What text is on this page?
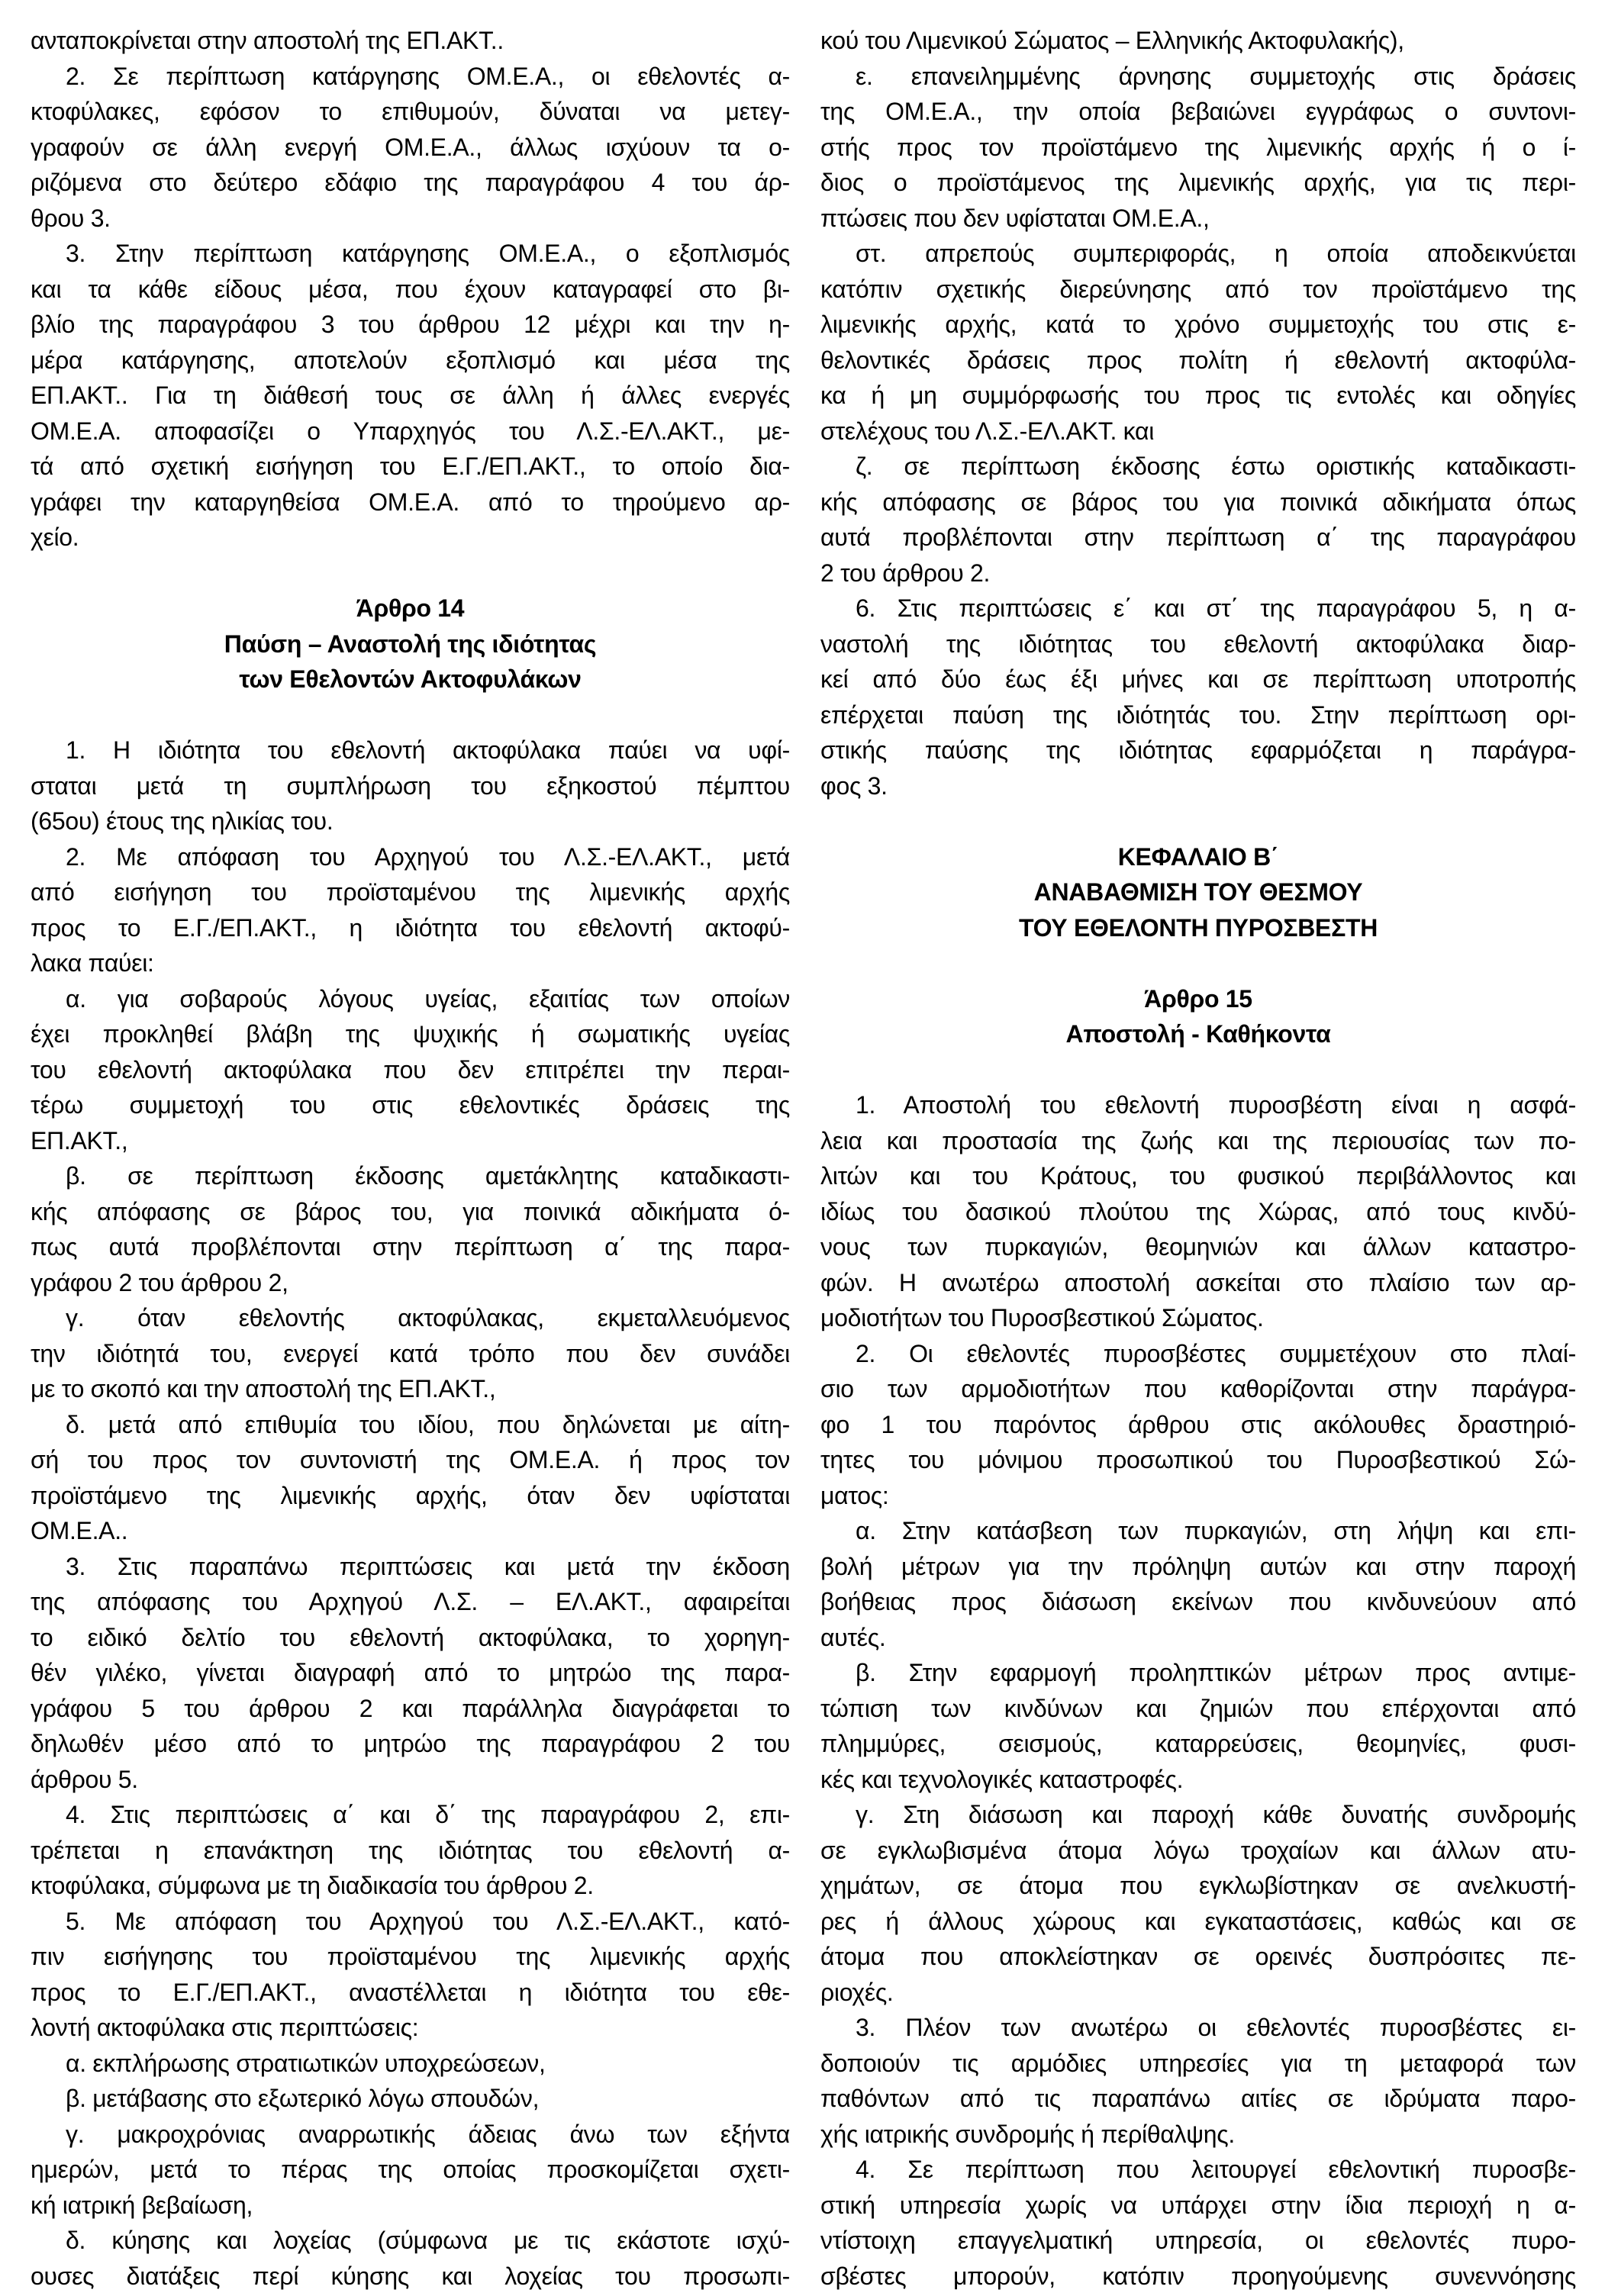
ανταποκρίνεται στην αποστολή της ΕΠ.ΑΚΤ..
2. Σε περίπτωση κατάργησης ΟΜ.Ε.Α., οι εθελοντές α-
κτοφύλακες, εφόσον το επιθυμούν, δύναται να μετεγ-
γραφούν σε άλλη ενεργή ΟΜ.Ε.Α., άλλως ισχύουν τα ο-
ριζόμενα στο δεύτερο εδάφιο της παραγράφου 4 του άρ-
θρου 3.
3. Στην περίπτωση κατάργησης ΟΜ.Ε.Α., ο εξοπλισμός
και τα κάθε είδους μέσα, που έχουν καταγραφεί στο βι-
βλίο της παραγράφου 3 του άρθρου 12 μέχρι και την η-
μέρα κατάργησης, αποτελούν εξοπλισμό και μέσα της
ΕΠ.ΑΚΤ.. Για τη διάθεσή τους σε άλλη ή άλλες ενεργές
ΟΜ.Ε.Α. αποφασίζει ο Υπαρχηγός του Λ.Σ.-ΕΛ.ΑΚΤ., με-
τά από σχετική εισήγηση του Ε.Γ./ΕΠ.ΑΚΤ., το οποίο δια-
γράφει την καταργηθείσα ΟΜ.Ε.Α. από το τηρούμενο αρ-
χείο.
Άρθρο 14
Παύση – Αναστολή της ιδιότητας
των Εθελοντών Ακτοφυλάκων
1. Η ιδιότητα του εθελοντή ακτοφύλακα παύει να υφί-
σταται μετά τη συμπλήρωση του εξηκοστού πέμπτου
(65ου) έτους της ηλικίας του.
2. Με απόφαση του Αρχηγού του Λ.Σ.-ΕΛ.ΑΚΤ., μετά
από εισήγηση του προϊσταμένου της λιμενικής αρχής
προς το Ε.Γ./ΕΠ.ΑΚΤ., η ιδιότητα του εθελοντή ακτοφύ-
λακα παύει:
α. για σοβαρούς λόγους υγείας, εξαιτίας των οποίων
έχει προκληθεί βλάβη της ψυχικής ή σωματικής υγείας
του εθελοντή ακτοφύλακα που δεν επιτρέπει την περαι-
τέρω συμμετοχή του στις εθελοντικές δράσεις της
ΕΠ.ΑΚΤ.,
β. σε περίπτωση έκδοσης αμετάκλητης καταδικαστι-
κής απόφασης σε βάρος του, για ποινικά αδικήματα ό-
πως αυτά προβλέπονται στην περίπτωση α΄ της παρα-
γράφου 2 του άρθρου 2,
γ. όταν εθελοντής ακτοφύλακας, εκμεταλλευόμενος
την ιδιότητά του, ενεργεί κατά τρόπο που δεν συνάδει
με το σκοπό και την αποστολή της ΕΠ.ΑΚΤ.,
δ. μετά από επιθυμία του ιδίου, που δηλώνεται με αίτη-
σή του προς τον συντονιστή της ΟΜ.Ε.Α. ή προς τον
προϊστάμενο της λιμενικής αρχής, όταν δεν υφίσταται
ΟΜ.Ε.Α..
3. Στις παραπάνω περιπτώσεις και μετά την έκδοση
της απόφασης του Αρχηγού Λ.Σ. – ΕΛ.ΑΚΤ., αφαιρείται
το ειδικό δελτίο του εθελοντή ακτοφύλακα, το χορηγη-
θέν γιλέκο, γίνεται διαγραφή από το μητρώο της παρα-
γράφου 5 του άρθρου 2 και παράλληλα διαγράφεται το
δηλωθέν μέσο από το μητρώο της παραγράφου 2 του
άρθρου 5.
4. Στις περιπτώσεις α΄ και δ΄ της παραγράφου 2, επι-
τρέπεται η επανάκτηση της ιδιότητας του εθελοντή α-
κτοφύλακα, σύμφωνα με τη διαδικασία του άρθρου 2.
5. Με απόφαση του Αρχηγού του Λ.Σ.-ΕΛ.ΑΚΤ., κατό-
πιν εισήγησης του προϊσταμένου της λιμενικής αρχής
προς το Ε.Γ./ΕΠ.ΑΚΤ., αναστέλλεται η ιδιότητα του εθε-
λοντή ακτοφύλακα στις περιπτώσεις:
α. εκπλήρωσης στρατιωτικών υποχρεώσεων,
β. μετάβασης στο εξωτερικό λόγω σπουδών,
γ. μακροχρόνιας αναρρωτικής άδειας άνω των εξήντα
ημερών, μετά το πέρας της οποίας προσκομίζεται σχετι-
κή ιατρική βεβαίωση,
δ. κύησης και λοχείας (σύμφωνα με τις εκάστοτε ισχύ-
ουσες διατάξεις περί κύησης και λοχείας του προσωπι-
κού του Λιμενικού Σώματος – Ελληνικής Ακτοφυλακής),
ε. επανειλημμένης άρνησης συμμετοχής στις δράσεις
της ΟΜ.Ε.Α., την οποία βεβαιώνει εγγράφως ο συντονι-
στής προς τον προϊστάμενο της λιμενικής αρχής ή ο ί-
διος ο προϊστάμενος της λιμενικής αρχής, για τις περι-
πτώσεις που δεν υφίσταται ΟΜ.Ε.Α.,
στ. απρεπούς συμπεριφοράς, η οποία αποδεικνύεται
κατόπιν σχετικής διερεύνησης από τον προϊστάμενο της
λιμενικής αρχής, κατά το χρόνο συμμετοχής του στις ε-
θελοντικές δράσεις προς πολίτη ή εθελοντή ακτοφύλα-
κα ή μη συμμόρφωσής του προς τις εντολές και οδηγίες
στελέχους του Λ.Σ.-ΕΛ.ΑΚΤ. και
ζ. σε περίπτωση έκδοσης έστω οριστικής καταδικαστι-
κής απόφασης σε βάρος του για ποινικά αδικήματα όπως
αυτά προβλέπονται στην περίπτωση α΄ της παραγράφου
2 του άρθρου 2.
6. Στις περιπτώσεις ε΄ και στ΄ της παραγράφου 5, η α-
ναστολή της ιδιότητας του εθελοντή ακτοφύλακα διαρ-
κεί από δύο έως έξι μήνες και σε περίπτωση υποτροπής
επέρχεται παύση της ιδιότητάς του. Στην περίπτωση ορι-
στικής παύσης της ιδιότητας εφαρμόζεται η παράγρα-
φος 3.
ΚΕΦΑΛΑΙΟ Β΄
ΑΝΑΒΑΘΜΙΣΗ ΤΟΥ ΘΕΣΜΟΥ
ΤΟΥ ΕΘΕΛΟΝΤΗ ΠΥΡΟΣΒΕΣΤΗ
Άρθρο 15
Αποστολή - Καθήκοντα
1. Αποστολή του εθελοντή πυροσβέστη είναι η ασφά-
λεια και προστασία της ζωής και της περιουσίας των πο-
λιτών και του Κράτους, του φυσικού περιβάλλοντος και
ιδίως του δασικού πλούτου της Χώρας, από τους κινδύ-
νους των πυρκαγιών, θεομηνιών και άλλων καταστρο-
φών. Η ανωτέρω αποστολή ασκείται στο πλαίσιο των αρ-
μοδιοτήτων του Πυροσβεστικού Σώματος.
2. Οι εθελοντές πυροσβέστες συμμετέχουν στο πλαί-
σιο των αρμοδιοτήτων που καθορίζονται στην παράγρα-
φο 1 του παρόντος άρθρου στις ακόλουθες δραστηριό-
τητες του μόνιμου προσωπικού του Πυροσβεστικού Σώ-
ματος:
α. Στην κατάσβεση των πυρκαγιών, στη λήψη και επι-
βολή μέτρων για την πρόληψη αυτών και στην παροχή
βοήθειας προς διάσωση εκείνων που κινδυνεύουν από
αυτές.
β. Στην εφαρμογή προληπτικών μέτρων προς αντιμε-
τώπιση των κινδύνων και ζημιών που επέρχονται από
πλημμύρες, σεισμούς, καταρρεύσεις, θεομηνίες, φυσι-
κές και τεχνολογικές καταστροφές.
γ. Στη διάσωση και παροχή κάθε δυνατής συνδρομής
σε εγκλωβισμένα άτομα λόγω τροχαίων και άλλων ατυ-
χημάτων, σε άτομα που εγκλωβίστηκαν σε ανελκυστή-
ρες ή άλλους χώρους και εγκαταστάσεις, καθώς και σε
άτομα που αποκλείστηκαν σε ορεινές δυσπρόσιτες πε-
ριοχές.
3. Πλέον των ανωτέρω οι εθελοντές πυροσβέστες ει-
δοποιούν τις αρμόδιες υπηρεσίες για τη μεταφορά των
παθόντων από τις παραπάνω αιτίες σε ιδρύματα παρο-
χής ιατρικής συνδρομής ή περίθαλψης.
4. Σε περίπτωση που λειτουργεί εθελοντική πυροσβε-
στική υπηρεσία χωρίς να υπάρχει στην ίδια περιοχή η α-
ντίστοιχη επαγγελματική υπηρεσία, οι εθελοντές πυρο-
σβέστες μπορούν, κατόπιν προηγούμενης συνεννόησης
